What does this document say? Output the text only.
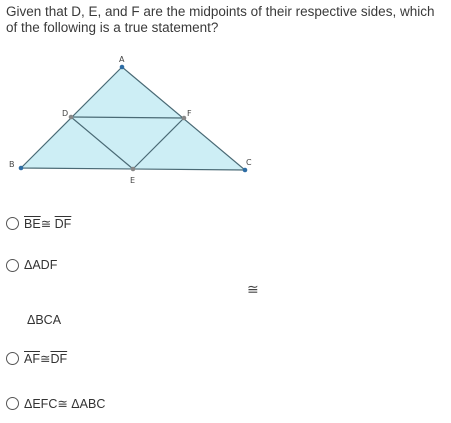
Given that D, E, and F are the midpoints of their respective sides, which of the following is a true statement?
A
B	C
D
E
F
$\overline{BE}≅$ $\overline{DF}$
ΔADF
≅
ΔBCA
$\overline{AF}≅\overline{DF}$
ΔEFC≅ ΔABC
